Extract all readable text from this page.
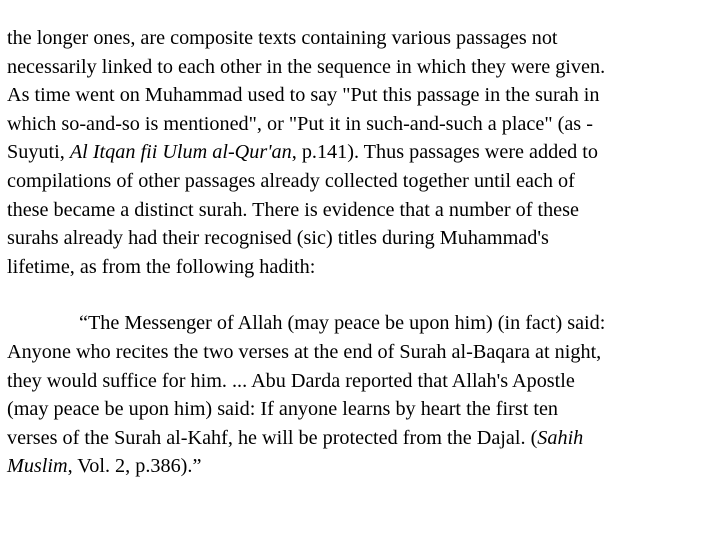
the longer ones, are composite texts containing various passages not
necessarily linked to each other in the sequence in which they were given.
As time went on Muhammad used to say "Put this passage in the surah in
which so-and-so is mentioned", or "Put it in such-and-such a place" (as -
Suyuti, Al Itqan fii Ulum al-Qur'an, p.141). Thus passages were added to
compilations of other passages already collected together until each of
these became a distinct surah. There is evidence that a number of these
surahs already had their recognised (sic) titles during Muhammad's
lifetime, as from the following hadith:
“The Messenger of Allah (may peace be upon him) (in fact) said:
Anyone who recites the two verses at the end of Surah al-Baqara at night,
they would suffice for him. ... Abu Darda reported that Allah's Apostle
(may peace be upon him) said: If anyone learns by heart the first ten
verses of the Surah al-Kahf, he will be protected from the Dajal. (Sahih
Muslim, Vol. 2, p.386).”
